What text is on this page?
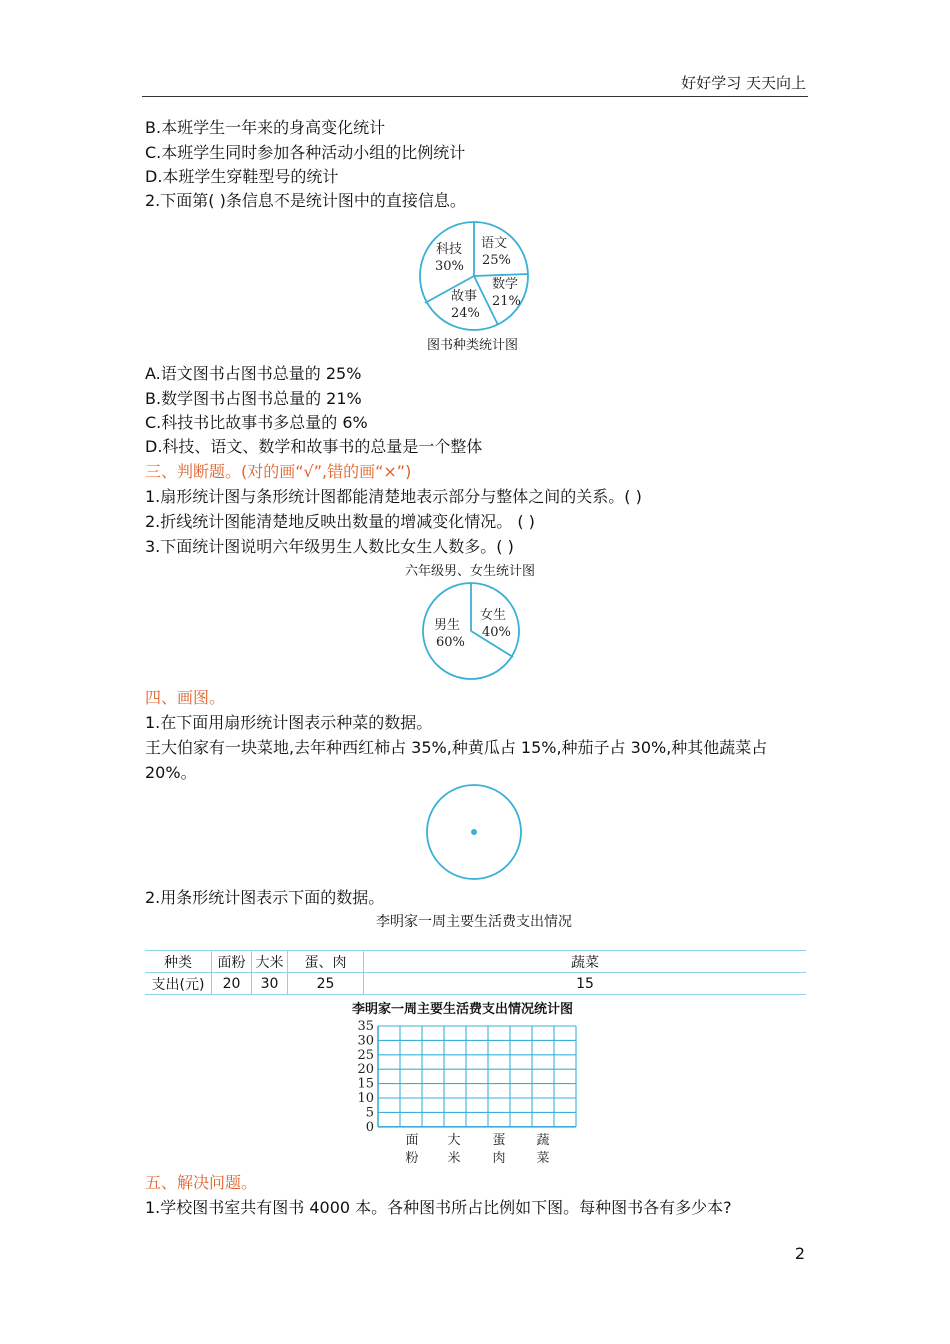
好好学习 天天向上
B.本班学生一年来的身高变化统计
C.本班学生同时参加各种活动小组的比例统计
D.本班学生穿鞋型号的统计
2.下面第( )条信息不是统计图中的直接信息。
语文
25%
数学
21%
故事
24%
科技
30%
图书种类统计图
A.语文图书占图书总量的 25%
B.数学图书占图书总量的 21%
C.科技书比故事书多总量的 6%
D.科技、语文、数学和故事书的总量是一个整体
三、判断题。(对的画“√”,错的画“×”)
1.扇形统计图与条形统计图都能清楚地表示部分与整体之间的关系。( )
2.折线统计图能清楚地反映出数量的增减变化情况。 ( )
3.下面统计图说明六年级男生人数比女生人数多。( )
六年级男、女生统计图
女生
40%
男生
60%
四、画图。
1.在下面用扇形统计图表示种菜的数据。
王大伯家有一块菜地,去年种西红柿占 35%,种黄瓜占 15%,种茄子占 30%,种其他蔬菜占
20%。
2.用条形统计图表示下面的数据。
李明家一周主要生活费支出情况
种类	面粉	大米	蛋、肉	蔬菜
支出(元)	20	30	25	15
李明家一周主要生活费支出情况统计图
35
30
25
20
15
10
5
0
面
粉
大
米
蛋
肉
蔬
菜
五、解决问题。
1.学校图书室共有图书 4000 本。各种图书所占比例如下图。每种图书各有多少本?
2
